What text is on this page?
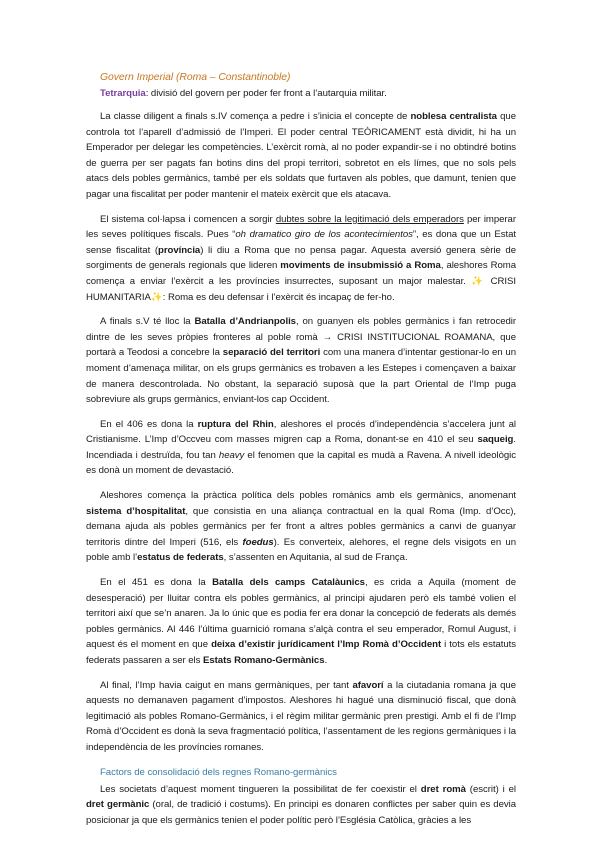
Govern Imperial (Roma – Constantinoble)
Tetrarquia: divisió del govern per poder fer front a l’autarquia militar.

La classe diligent a finals s.IV comença a pedre i s’inicia el concepte de noblesa centralista que controla tot l’aparell d’admissió de l’Imperi. El poder central TEÒRICAMENT està dividit, hi ha un Emperador per delegar les competències. L’exèrcit romà, al no poder expandir-se i no obtindré botins de guerra per ser pagats fan botins dins del propi territori, sobretot en els límes, que no sols pels atacs dels pobles germànics, també per els soldats que furtaven als pobles, que damunt, tenien que pagar una fiscalitat per poder mantenir el mateix exèrcit que els atacava.

El sistema col·lapsa i comencen a sorgir dubtes sobre la legitimació dels emperadors per imperar les seves polítiques fiscals. Pues “oh dramatico giro de los acontecimientos”, es dona que un Estat sense fiscalitat (província) li diu a Roma que no pensa pagar. Aquesta aversió genera sèrie de sorgiments de generals regionals que lideren moviments de insubmissió a Roma, aleshores Roma comença a enviar l’exèrcit a les províncies insurrectes, suposant un major malestar. ✨ CRISI HUMANITARIA✨: Roma es deu defensar i l’exèrcit és incapaç de fer-ho.

A finals s.V té lloc la Batalla d’Andrianpolis, on guanyen els pobles germànics i fan retrocedir dintre de les seves pròpies fronteres al poble romà → CRISI INSTITUCIONAL ROAMANA, que portarà a Teodosi a concebre la separació del territori com una manera d’intentar gestionar-lo en un moment d’amenaça militar, on els grups germànics es trobaven a les Estepes i començaven a baixar de manera descontrolada. No obstant, la separació suposà que la part Oriental de l’Imp puga sobreviure als grups germànics, enviant-los cap Occident.

En el 406 es dona la ruptura del Rhin, aleshores el procés d’independència s’accelera junt al Cristianisme. L’Imp d’Occveu com masses migren cap a Roma, donant-se en 410 el seu saqueig. Incendiada i destruïda, fou tan heavy el fenomen que la capital es mudà a Ravena. A nivell ideològic es donà un moment de devastació.

Aleshores comença la pràctica política dels pobles romànics amb els germànics, anomenant sistema d’hospitalitat, que consistia en una aliança contractual en la qual Roma (Imp. d’Occ), demana ajuda als pobles germànics per fer front a altres pobles germànics a canvi de guanyar territoris dintre del Imperi (516, els foedus). Es converteix, alehores, el regne dels visigots en un poble amb l’estatus de federats, s’assenten en Aquitania, al sud de França.

En el 451 es dona la Batalla dels camps Catalàunics, es crida a Aquila (moment de desesperació) per lluitar contra els pobles germànics, al principi ajudaren però els també volien el territori així que se’n anaren. Ja lo únic que es podia fer era donar la concepció de federats als demés pobles germànics. Al 446 l’última guarnició romana s’alçà contra el seu emperador, Romul August, i aquest és el moment en que deixa d’existir jurídicament l’Imp Romà d’Occident i tots els estatuts federats passaren a ser els Estats Romano-Germànics.

Al final, l’Imp havia caigut en mans germàniques, per tant afavorí a la ciutadania romana ja que aquests no demanaven pagament d’impostos. Aleshores hi hagué una disminució fiscal, que donà legitimació als pobles Romano-Germànics, i el règim militar germànic pren prestigi. Amb el fi de l’Imp Romà d’Occident es donà la seva fragmentació política, l’assentament de les regions germàniques i la independència de les províncies romanes.

Factors de consolidació dels regnes Romano-germànics

Les societats d’aquest moment tingueren la possibilitat de fer coexistir el dret romà (escrit) i el dret germànic (oral, de tradició i costums). En principi es donaren conflictes per saber quin es devia posicionar ja que els germànics tenien el poder polític però l’Església Catòlica, gràcies a les
